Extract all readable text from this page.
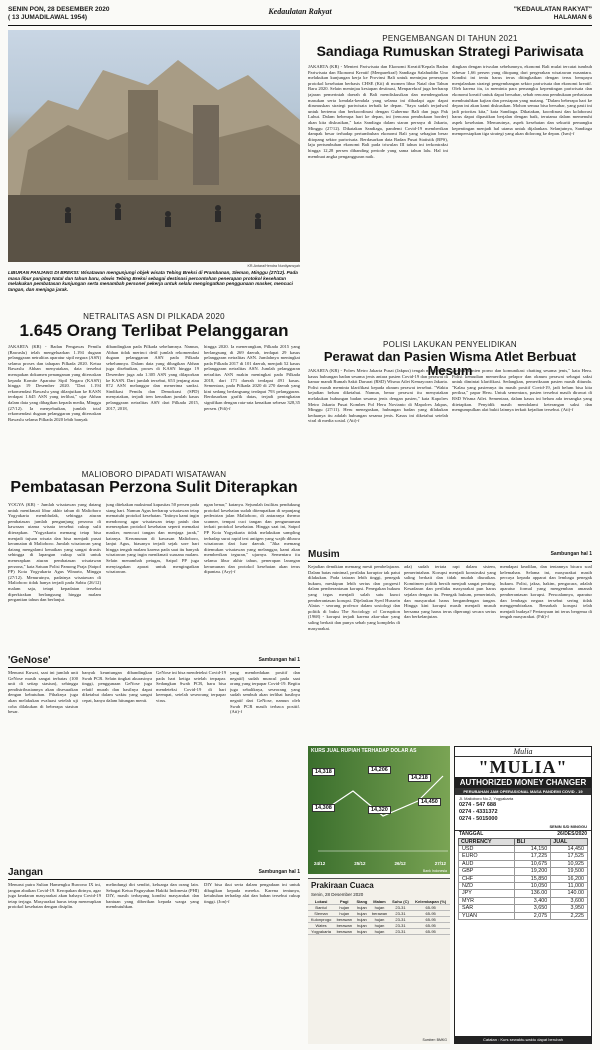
SENIN PON, 28 DESEMBER 2020
( 13 JUMADILAWAL 1954)
Kedaulatan Rakyat	"KEDAULATAN RAKYAT"
HALAMAN 6
KR-Antara/Hendra Nurdiyansyah
LIBURAN PANJANG DI BREKSI: Wisatawan mengunjungi objek wisata Tebing Breksi di Prambanan, Sleman, Minggu (27/12). Pada masa libur panjang Natal dan tahun baru, obwis Tebing Breksi sebagai destinasi percontohan penerapan protokol kesehatan melakukan pembatasan kunjungan serta menambah personel pekerja untuk selalu mengingatkan penggunaan masker, mencuci tangan, dan menjaga jarak.
NETRALITAS ASN DI PILKADA 2020
1.645 Orang Terlibat Pelanggaran
JAKARTA (KR) - Badan Pengawas Pemilu (Bawaslu) telah mengeluarkan 1.194 dugaan pelanggaran netralitas aparatur sipil negara (ASN) selama proses dan tahapan Pilkada 2020. Ketua Bawaslu Abhan menyatakan, data tersebut merupakan dokumen penanganan yang diteruskan kepada Komite Aparatur Sipil Negara (KASN) hingga 19 Desember 2020. "Dari 1.194 rekomendasi Bawaslu yang dilanjutkan ke KASN terdapat 1.645 ASN yang terlibat," ujar Abhan dalam data yang dibagikan kepada media, Minggu (27/12). Ia menyebutkan, jumlah total rekomendasi dugaan pelanggaran yang diteruskan Bawaslu selama Pilkada 2020 lebih banyak
dibandingkan pada Pilkada sebelumnya. Namun, Abhan tidak merinci detil jumlah rekomendasi dugaan pelanggaran ASN pada Pilkada sebelumnya. Dalam data yang dibagikan Abhan juga disebutkan, proses di KASN hingga 19 Desember juga ada 1.305 ASN yang dilaporkan ke KASN. Dari jumlah tersebut, 653 jenjang atau 872 ASN melanggar dan menerima sanksi. Sindikasi Pemilu dan Demokrasi (SPD) menyatakan, terjadi tren kenaikan jumlah kasus pelanggaran netralitas ASN dari Pilkada 2015, 2017, 2018,
hingga 2020. Ia menerangkan, Pilkada 2015 yang berlangsung di 269 daerah, terdapat 29 kasus pelanggaran netralitas ASN. Jumlahnya meningkat pada Pilkada 2017 di 101 daerah, menjadi 52 kasus pelanggaran netralitas ASN. Jumlah pelanggaran netralitas ASN makin meningkat pada Pilkada 2018, dari 171 daerah terdapat 491 kasus. Sementara, pada Pilkada 2020 di 270 daerah yang kini sedang berlangsung terdapat 793 pelanggaran. Berdasarkan grafik datas, terjadi peningkatan signifikan dengan rata-rata kenaikan sebesar 328,35 persen. (Fdi)-f
MALIOBORO DIPADATI WISATAWAN
Pembatasan Perzona Sulit Diterapkan
YOGYA (KR) - Jumlah wisatawan yang datang untuk menikmati libur akhir tahun di Malioboro Yogyakarta membludak, sehingga aturan pembatasan jumlah pengunjung perzona di kawasan utama wisata tersebut cukup sulit diterapkan. "Yogyakarta memang tetap bisa menjadi tujuan wisata dan bisa menjadi pusat keramaian di Malioboro. Jumlah wisatawan yang datang mengalami kenaikan yang sangat drastis sehingga di lapangan cukup sulit untuk menerapkan aturan pembatasan wisatawan perzona," kata Satuan Polisi Pamong Praja (Satpol PP) Kota Yogyakarta Agus Winarto, Minggu (27/12). Menurutnya, padatnya wisatawan di Malioboro tidak hanya terjadi pada Sabtu (26/12) malam saja, tetapi kepadatan tersebut diperkirakan berlangsung hingga malam pergantian tahun dan berlanjut.
jung ditekakan maksimal kapasitas 50 persen pada siang hari. Namun Agus berharap wisatawan tetap mematuhi protokol kesehatan. "Intinya kami ingin mendorong agar wisatawan tetap patuh dan menerapkan protokol kesehatan seperti memakai masker, mencuci tangan dan menjaga jarak," katanya. Kerumunan di kawasan Malioboro, lanjut Agus, biasanya terjadi sejak sore hari hingga tengah malam karena pada saat itu banyak wisatawan yang ingin menikmati suasana malam. Selain menambah petugas, Satpol PP juga menyiagakan aparat untuk mengingatkan wisatawan.
ngan benar," katanya. Sejumlah fasilitas pendukung protokol kesehatan sudah ditempatkan di sepanjang pedestrian jalan Malioboro, di antaranya thermo scanner, tempat cuci tangan dan pengumuman terkait protokol kesehatan. Hingga saat ini, Satpol PP Kota Yogyakarta tidak melakukan sampling terhadap surat rapid test antigen yang wajib dibawa wisatawan dari luar daerah. "Jika memang ditemukan wisatawan yang melanggar, kami akan memberikan teguran," ujarnya. Sementara itu selama libur akhir tahun, penerapan larangan kerumunan dan protokol kesehatan akan terus dipantau. (Ary)-f
PENGEMBANGAN DI TAHUN 2021
Sandiaga Rumuskan Strategi Pariwisata
JAKARTA (KR) - Menteri Pariwisata dan Ekonomi Kreatif/Kepala Badan Pariwisata dan Ekonomi Kreatif (Menparekraf) Sandiaga Salahuddin Uno melakukan kunjungan kerja ke Provinsi Bali untuk meninjau penerapan protokol kesehatan berbasis CHSE (Kit) di momen libur Natal dan Tahun Baru 2020. Selain meninjau kesiapan destinasi, Menparekraf juga berharap jajaran pemerintah daerah di Bali mendiskusikan dan mendengarkan masukan serta kendala-kendala yang selama ini dihadapi agar dapat dirumuskan strategi pariwisata terbaik ke depan. "Saya sudah terjadwal untuk bertemu dan berkoordinasi dengan Gubernur Bali dan juga Pak Luhut. Dalam beberapa hari ke depan, ini (rencana pembukaan border) akan kita diskusikan," kata Sandiaga dalam siaran persnya di Jakarta, Minggu (27/12). Dikatakan Sandiaga, pandemi Covid-19 memberikan dampak besar terhadap pertumbuhan ekonomi Bali yang sebagian besar ditopang sektor pariwisata. Berdasarkan data Badan Pusat Statistik (BPS), laju pertumbuhan ekonomi Bali pada triwulan III tahun ini terkontraksi hingga 12,28 persen dibanding periode yang sama tahun lalu. Hal ini membuat angka pengangguran naik.
dingkan dengan triwulan sebelumnya, ekonomi Bali mulai tercatat tumbuh sebesar 1,66 persen yang ditopang dari pergerakan wisatawan nusantara. Kondisi ini tentu harus terus ditingkatkan dengan terus berupaya menjalankan strategi pengembangan sektor pariwisata dan ekonomi kreatif. Oleh karena itu, ia meminta para pemangku kepentingan pariwisata dan ekonomi kreatif untuk dapat bersabar, sebab rencana pembukaan perbatasan membutuhkan kajian dan persiapan yang matang. "Dalam beberapa hari ke depan ini akan kami diskusikan. Mohon semua bisa bersabar, yang pasti ini jadi prioritas kita," kata Sandiaga. Dikatakan, koordinasi dan kolaborasi harus dapat dipastikan berjalan dengan baik, terutama dalam memenuhi aspek kesehatan. Menurutnya, aspek kesehatan dan sekuriti pemangku kepentingan menjadi hal utama untuk dijalankan. Selanjutnya, Sandiaga mempersiapkan tiga strategi yang akan didorong ke depan. (Ism)-f
POLISI LAKUKAN PENYELIDIKAN
Perawat dan Pasien Wisma Atlet Berbuat Mesum
JAKARTA (KR) - Polres Metro Jakarta Pusat (Jakpus) tengah menyelidiki kasus hubungan badan sesama jenis antara pasien Covid-19 dan perawat di kamar mandi Rumah Sakit Darurat (RSD) Wisma Atlet Kemayoran Jakarta. Polisi masih meminta klarifikasi kepada oknum perawat tersebut. "Waktu kejadian belum diketahui. Namun, benar perawat itu menyatakan melakukan hubungan badan sesama jenis dengan pasien," kata Kapolres Metro Jakarta Pusat Kombes Pol Heru Novianto di Mapolres Jakpus, Minggu (27/11). Heru menegaskan, hubungan badan yang dilakukan keduanya itu adalah hubungan sesama jenis. Kasus ini diketahui setelah viral di media sosial. (Ati)-f
gambar konten porno dan komunikasi chatting sesama jenis," kata Heru. Polisi kemudian memeriksa pelapor dan oknum perawat sebagai saksi untuk dimintai klarifikasi. Sedangkan, pemeriksaan pasien masih ditunda. "Kalau yang pasiennya itu masih positif Covid-19, jadi belum bisa kita periksa," papar Heru. Untuk sementara, pasien tersebut masih dirawat di RSD Wisma Atlet. Sementara, dalam kasus ini belum ada tersangka yang ditetapkan. Penyidik masih mendalami keterangan saksi dan mengumpulkan alat bukti lainnya terkait kejadian tersebut. (Ati)-f
Musim	Sambungan hal 1
Kejadian demikian memang mesti pembelajaran. Dalam batas minimal, perilaku koruptor tak patut dilakukan. Pada tataran lebih tinggi, penegak hukum, meskipun lebih serius dan progresif dalam pemberantasan korupsi. Penegakan hukum yang tegas menjadi salah satu kunci pemberantasan korupsi. Dijelaskan Syed Hussein Alatas - seorang profesor dalam sosiologi dan politik di buku The Sociology of Corruption (1968) - korupsi terjadi karena akar-akar yang saling berkait dan punya sebab yang kompleks di masyarakat.
ada) sudah tertata rapi dalam sistem, pemerintahan. Korupsi menjadi konstruksi yang saling berkait dan tidak mudah diuraikan. Komitmen politik bersih menjadi sangat penting. Kesadaran dan perilaku masyarakat pun harus sejalan dengan itu. Penegak hukum, pemerintah, dan masyarakat harus bergandengan tangan. Hingga kini korupsi masih menjadi musuh bersama yang harus terus diperangi secara serius dan berkelanjutan.
mendapat keadilan, dan tentannya bicara soal kelemahan. Selama ini, masyarakat masih percaya kepada apparat dan lembaga penegak hukum. Polisi, jaksa, hakim, pengacara, adalah aparatur formal yang mengemban amanah pemberantasan korupsi. Persoalannya, aparatur dan lembaga negara tersebut sering tidak menggembirakan. Benarkah korupsi telah menjadi budaya? Pertanyaan ini terus bergema di tengah masyarakat. (Fdi)-f
'GeNose'	Sambungan hal 1
Menurut Kuwat, saat ini jumlah unit GeNose masih sangat terbatas (100 unit di setiap stasiun), sehingga pendistribusiannya akan disesuaikan dengan kebutuhan. Pihaknya juga akan melakukan evaluasi setelah uji coba dilakukan di beberapa stasiun besar.
banyak keuntungan dibandingkan Swab PCR. Selain tingkat akurasinya tinggi, penggunaan GeNose juga relatif murah dan hasilnya dapat diketahui dalam waktu yang sangat cepat, hanya dalam hitungan menit.
GeNose ini bisa mendeteksi Covid-19 pada hari ketiga setelah terpapar. Sedangkan Swab PCR, baru bisa mendeteksi Covid-19 di hari keempat, setelah seseorang terpapar virus.
yang membedakan positif dan negatif) sudah muncul pada saat orang yang terpapar Covid-19. Begitu juga sebaliknya, seseorang yang sudah sembuh akan terlihat hasilnya negatif dari GeNose, namun oleh Swab PCR masih terbaca positif. (Ati)-f
Jangan	Sambungan hal 1
Menurut putra Sultan Hamengku Buwono IX ini, jangan abaikan Covid-19. Keropakan dirinya, agar juga keadaran masyarakat akan bahaya Covid-19 tetap terjaga. Masyarakat harus tetap menerapkan protokol kesehatan dengan disiplin.
melindungi diri sendiri, keluarga dan orang lain. Sebagai Ketua Paguyuban Hakiki Indonesia (PHI) DIY, masih terbayang kondisi masyarakat dan bantuan yang diberikan kepada warga yang membutuhkan.
DIY bisa ikut serta dalam pengadaan ini untuk dibagikan kepada mereka. Karena tentunya, ketuhuhan terhadap alat dan bahan tersebut cukup tinggi. (Jon)-f
KURS JUAL RUPIAH TERHADAP DOLAR AS
14,318	14,206
14,218
14,308	14,320
14,450
24/12	25/12	26/12	27/12
Bank Indonesia
Prakiraan Cuaca
Senin, 28 Desember 2020
Lokasi	Pagi	Siang	Malam	Suhu (C)	Kelembapan (%)
Bantul	hujan	hujan	hujan	23-31	65-95
Sleman	hujan	hujan	berawan	23-31	65-95
Kulonprogo	berawan	hujan	hujan	23-31	65-95
Wates	berawan	hujan	hujan	23-31	65-95
Yogyakarta	berawan	hujan	hujan	23-31	65-95
Sumber: BMKG
Mulia
"MULIA"
AUTHORIZED MONEY CHANGER
PERUBAHAN JAM OPERASIONAL MASA PANDEMI COVID - 19
Jl. Malioboro No.2, Yogyakarta
0274 - 547 688
0274 - 4331372
0274 - 5015000
SENIN S/D MINGGU
TANGGAL	26/DES/2020
CURRENCY	BLI	JUAL
USD	14,150	14,450
EURO	17,225	17,525
AUD	10,675	10,925
GBP	19,200	19,500
CHF	15,850	16,200
NZD	10,050	11,000
JPY	136.00	140.00
MYR	3,400	3,600
SAR	3,650	3,950
YUAN	2,075	2,225
Catatan : Kurs sewaktu-waktu dapat berubah
